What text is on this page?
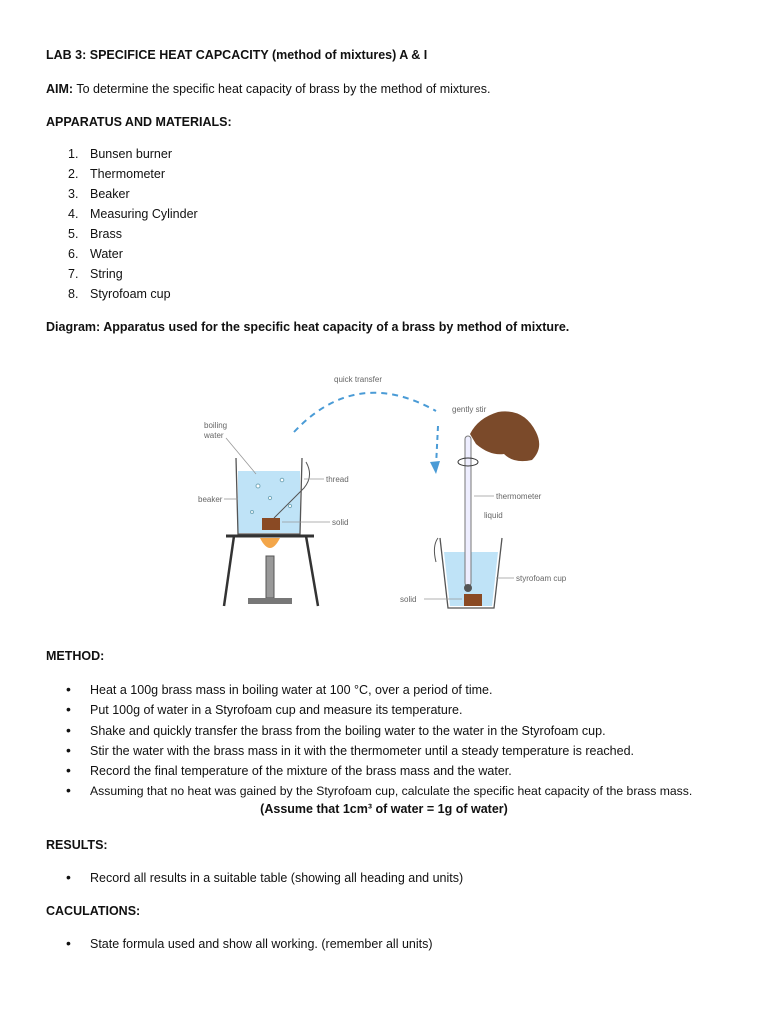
LAB 3: SPECIFICE HEAT CAPCACITY (method of mixtures) A & I
AIM: To determine the specific heat capacity of brass by the method of mixtures.
APPARATUS AND MATERIALS:
1. Bunsen burner
2. Thermometer
3. Beaker
4. Measuring Cylinder
5. Brass
6. Water
7. String
8. Styrofoam cup
Diagram: Apparatus used for the specific heat capacity of a brass by method of mixture.
quick transfer
boiling
water
thread
beaker
solid
gently stir
thermometer
liquid
styrofoam cup
solid
METHOD:
• Heat a 100g brass mass in boiling water at 100 °C, over a period of time.
• Put 100g of water in a Styrofoam cup and measure its temperature.
• Shake and quickly transfer the brass from the boiling water to the water in the Styrofoam cup.
• Stir the water with the brass mass in it with the thermometer until a steady temperature is reached.
• Record the final temperature of the mixture of the brass mass and the water.
• Assuming that no heat was gained by the Styrofoam cup, calculate the specific heat capacity of the brass mass.
(Assume that 1cm³ of water = 1g of water)
RESULTS:
• Record all results in a suitable table (showing all heading and units)
CACULATIONS:
• State formula used and show all working. (remember all units)
